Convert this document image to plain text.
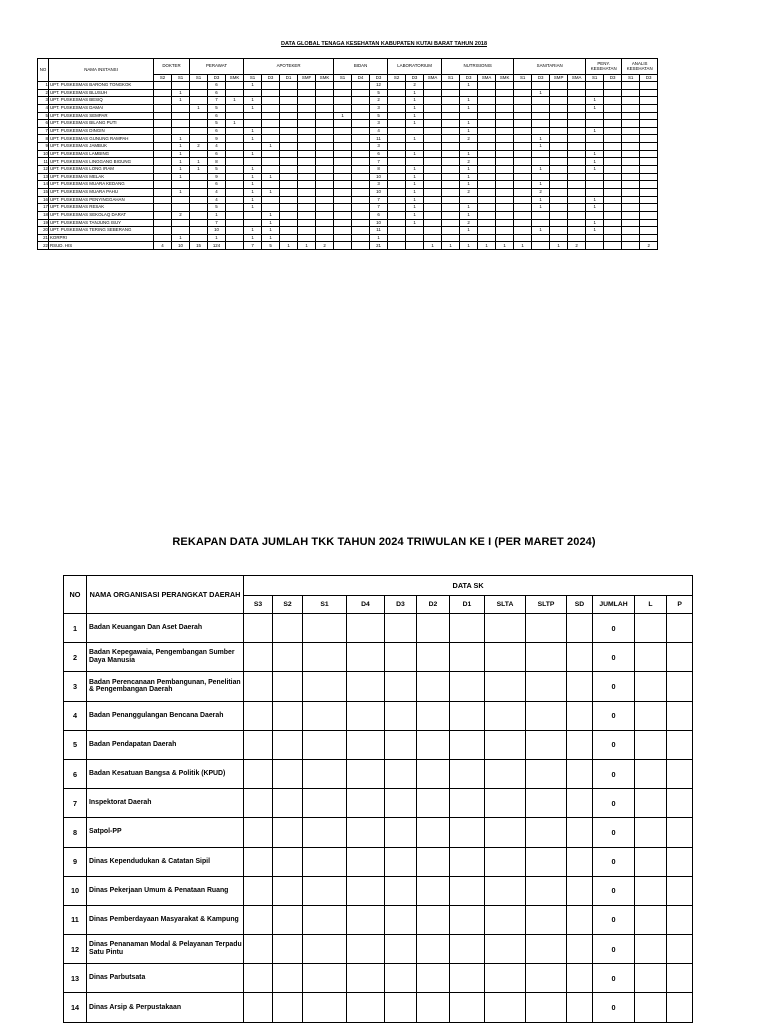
DATA GLOBAL TENAGA KESEHATAN KABUPATEN KUTAI BARAT TAHUN 2018
NO	NAMA INSTANSI	DOKTER		PERAWAT			APOTEKER					BIDAN			LABORATORIUM			NUTRISIONIS				SANITARIAN				PENY. KESEHATAN		ANALIS KESEHATAN	
		S2	S1	S1	D3	SMK	S1	D3	D1	SMF	SMK	S1	D4	D3	S2	D3	SMA	S1	D3	SMA	SMK	S1	D3	SMP	SMA	S1	D3	S1	D3
1	UPT. PUSKESMAS BARONG TONGKOK				6		1							12		2			1										
2	UPT. PUSKESMAS BLUSUH		1		6									5		1							1						
3	UPT. PUSKESMAS BESIQ		1		7	1	1							2		1			1							1			
4	UPT. PUSKESMAS DAMAI			1	5		1							3		1			1							1			
5	UPT. PUSKESMAS SEMPAR				6							1		5		1													
6	UPT. PUSKESMAS BILANG PUTI				5	1								3		1			1										
7	UPT. PUSKESMAS DINGIN				6		1							4					1							1			
8	UPT. PUSKESMAS GUNUNG RAMPAH		1		9		1							11		1			2				1						
9	UPT. PUSKESMAS JAMBUK		1	2	4			1						3									1						
10	UPT. PUSKESMAS LAMBING		1		6		1							6		1			1							1			
11	UPT. PUSKESMAS LINGGANG BIGUNG		1	1	8									7					2							1			
12	UPT. PUSKESMAS LONG IRAM		1	1	5		1							8		1			1				1			1			
13	UPT. PUSKESMAS MELAK		1		9		1	1						10		1			1										
14	UPT. PUSKESMAS MUARA KEDANG				6		1							3		1			1				1						
15	UPT. PUSKESMAS MUARA PAHU		1		4		1	1						10		1			2				2						
16	UPT. PUSKESMAS PENYINGGAHAN				4		1							7		1							1			1			
17	UPT. PUSKESMAS RESAK				5		1							7		1			1				1			1			
18	UPT. PUSKESMAS SEKOLAQ DARAT		2		1			1						6		1			1										
19	UPT. PUSKESMAS TANJUNG ISUY				7			1						10		1			2							1			
20	UPT. PUSKESMAS TERING SEBERANG				10		1	1						11					1				1			1			
21	KORPRI		1		1		1	1						1															
22	RSUD. HIS	4	10	15	124		7	5	1	1	2			21			1	1	1	1	1	1		1	2				2
REKAPAN DATA JUMLAH TKK TAHUN 2024 TRIWULAN KE I (PER MARET 2024)
NO	NAMA ORGANISASI PERANGKAT DAERAH	DATA SK												
		S3	S2	S1	D4	D3	D2	D1	SLTA	SLTP	SD	JUMLAH	L	P
1	Badan Keuangan Dan Aset Daerah											0		
2	Badan Kepegawaia, Pengembangan Sumber Daya Manusia											0		
3	Badan Perencanaan Pembangunan, Penelitian & Pengembangan Daerah											0		
4	Badan Penanggulangan Bencana Daerah											0		
5	Badan Pendapatan Daerah											0		
6	Badan Kesatuan Bangsa & Politik (KPUD)											0		
7	Inspektorat Daerah											0		
8	Satpol-PP											0		
9	Dinas Kependudukan & Catatan Sipil											0		
10	Dinas Pekerjaan Umum & Penataan Ruang											0		
11	Dinas Pemberdayaan Masyarakat & Kampung											0		
12	Dinas Penanaman Modal & Pelayanan Terpadu Satu Pintu											0		
13	Dinas Parbutsata											0		
14	Dinas Arsip & Perpustakaan											0		
